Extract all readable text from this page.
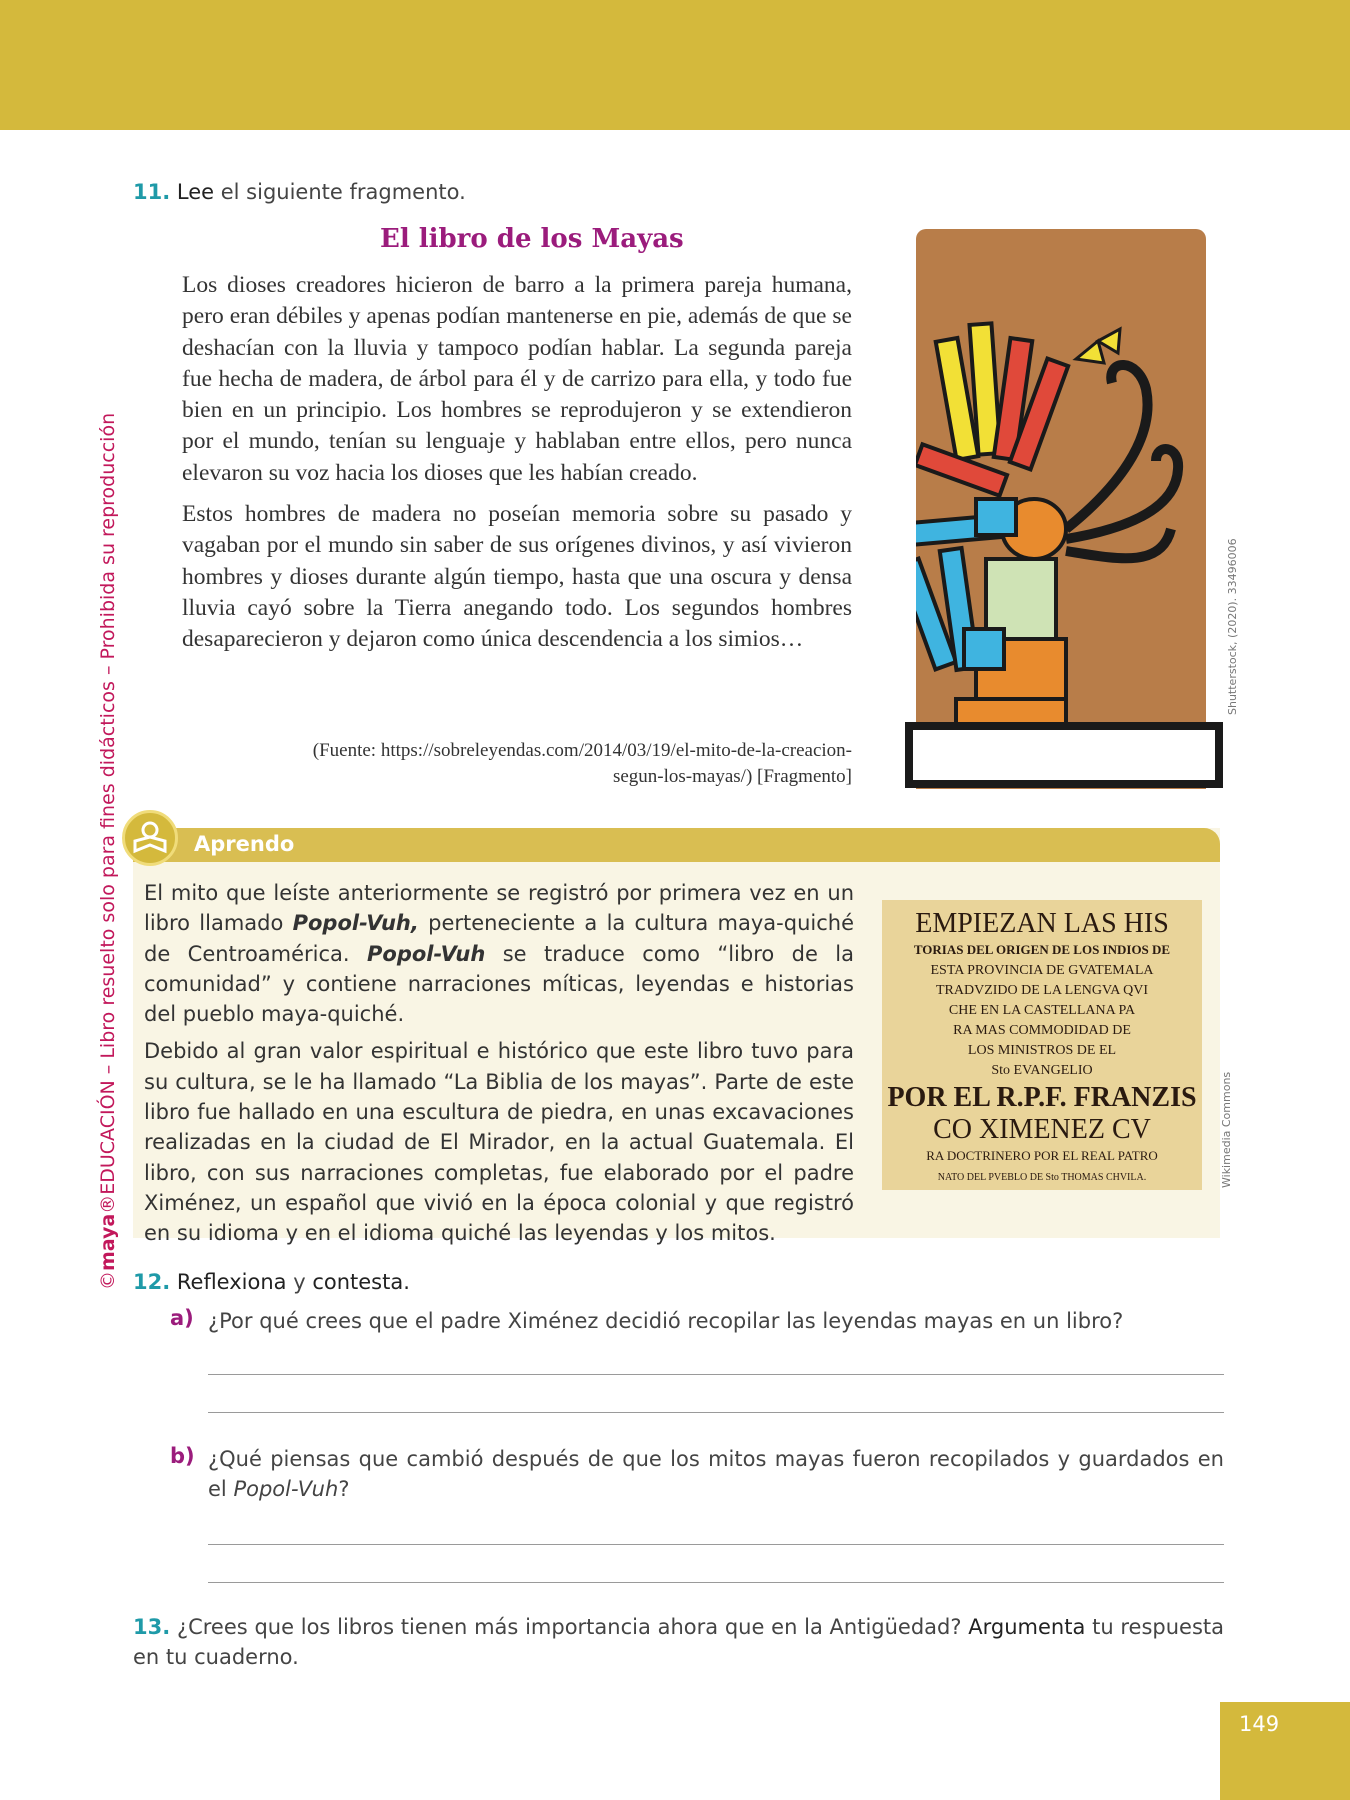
©maya®EDUCACIÓN – Libro resuelto solo para fines didácticos – Prohibida su reproducción
11. Lee el siguiente fragmento.
El libro de los Mayas

Los dioses creadores hicieron de barro a la primera pareja humana, pero eran débiles y apenas podían mantenerse en pie, además de que se deshacían con la lluvia y tampoco podían hablar. La segunda pareja fue hecha de madera, de árbol para él y de carrizo para ella, y todo fue bien en un principio. Los hombres se reprodujeron y se extendieron por el mundo, tenían su lenguaje y hablaban entre ellos, pero nunca elevaron su voz hacia los dioses que les habían creado.

Estos hombres de madera no poseían memoria sobre su pasado y vagaban por el mundo sin saber de sus orígenes divinos, y así vivieron hombres y dioses durante algún tiempo, hasta que una oscura y densa lluvia cayó sobre la Tierra anegando todo. Los segundos hombres desaparecieron y dejaron como única descendencia a los simios…

(Fuente: https://sobreleyendas.com/2014/03/19/el-mito-de-la-creacion-
segun-los-mayas/) [Fragmento]
Shutterstock, (2020). 33496006
Aprendo

El mito que leíste anteriormente se registró por primera vez en un libro llamado Popol-Vuh, perteneciente a la cultura maya-quiché de Centroamérica. Popol-Vuh se traduce como “libro de la comunidad” y contiene narraciones míticas, leyendas e historias del pueblo maya-quiché.

Debido al gran valor espiritual e histórico que este libro tuvo para su cultura, se le ha llamado “La Biblia de los mayas”. Parte de este libro fue hallado en una escultura de piedra, en unas excavaciones realizadas en la ciudad de El Mirador, en la actual Guatemala. El libro, con sus narraciones completas, fue elaborado por el padre Ximénez, un español que vivió en la época colonial y que registró en su idioma y en el idioma quiché las leyendas y los mitos.

EMPIEZAN LAS HIS
TORIAS DEL ORIGEN DE LOS INDIOS DE
ESTA PROVINCIA DE GVATEMALA
TRADVZIDO DE LA LENGVA QVI
CHE EN LA CASTELLANA PA
RA MAS COMMODIDAD DE
LOS MINISTROS DE EL
Sto EVANGELIO
POR EL R.P.F. FRANZIS
CO XIMENEZ CV
RA DOCTRINERO POR EL REAL PATRO
NATO DEL PVEBLO DE Sto THOMAS CHVILA.	Wikimedia Commons
12. Reflexiona y contesta.
a) ¿Por qué crees que el padre Ximénez decidió recopilar las leyendas mayas en un libro?
b) ¿Qué piensas que cambió después de que los mitos mayas fueron recopilados y guardados en el Popol-Vuh?
13. ¿Crees que los libros tienen más importancia ahora que en la Antigüedad? Argumenta tu respuesta en tu cuaderno.
149
